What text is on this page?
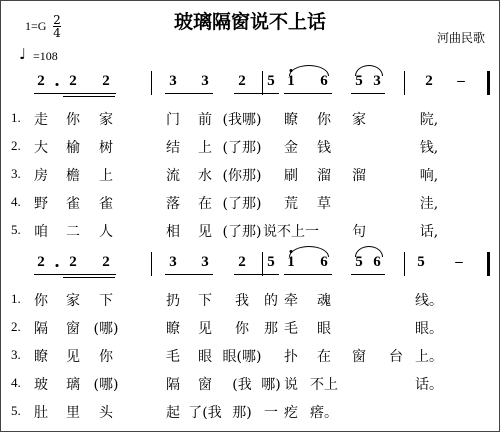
玻璃隔窗说不上话
河曲民歌
1=G 2
4
♩ =108
2 2 2	3 3 2 5 1 6 5 3	2 –
1. 走 你 家	门 前 (我哪) 瞭 你 家	院,
2. 大 榆 树	结 上 (了那) 金 钱	钱,
3. 房 檐 上	流 水 (你那) 刷 溜 溜	响,
4. 野 雀 雀	落 在 (了那) 荒 草	洼,
5. 咱 二 人	相 见 (了那) 说不上一 句	话,
2 2 2	3 3 2 5 1 6 5 6 5 –
1. 你 家 下	扔 下 我 的 牵 魂	线。
2. 隔 窗 (哪)	瞭 见 你 那 毛 眼	眼。
3. 瞭 见 你	毛 眼 眼(哪) 扑 在 窗 台 上。
4. 玻 璃 (哪)	隔 窗 (我 哪) 说 不上	话。
5. 肚 里 头	起 了(我 那) 一 疙 瘩。
